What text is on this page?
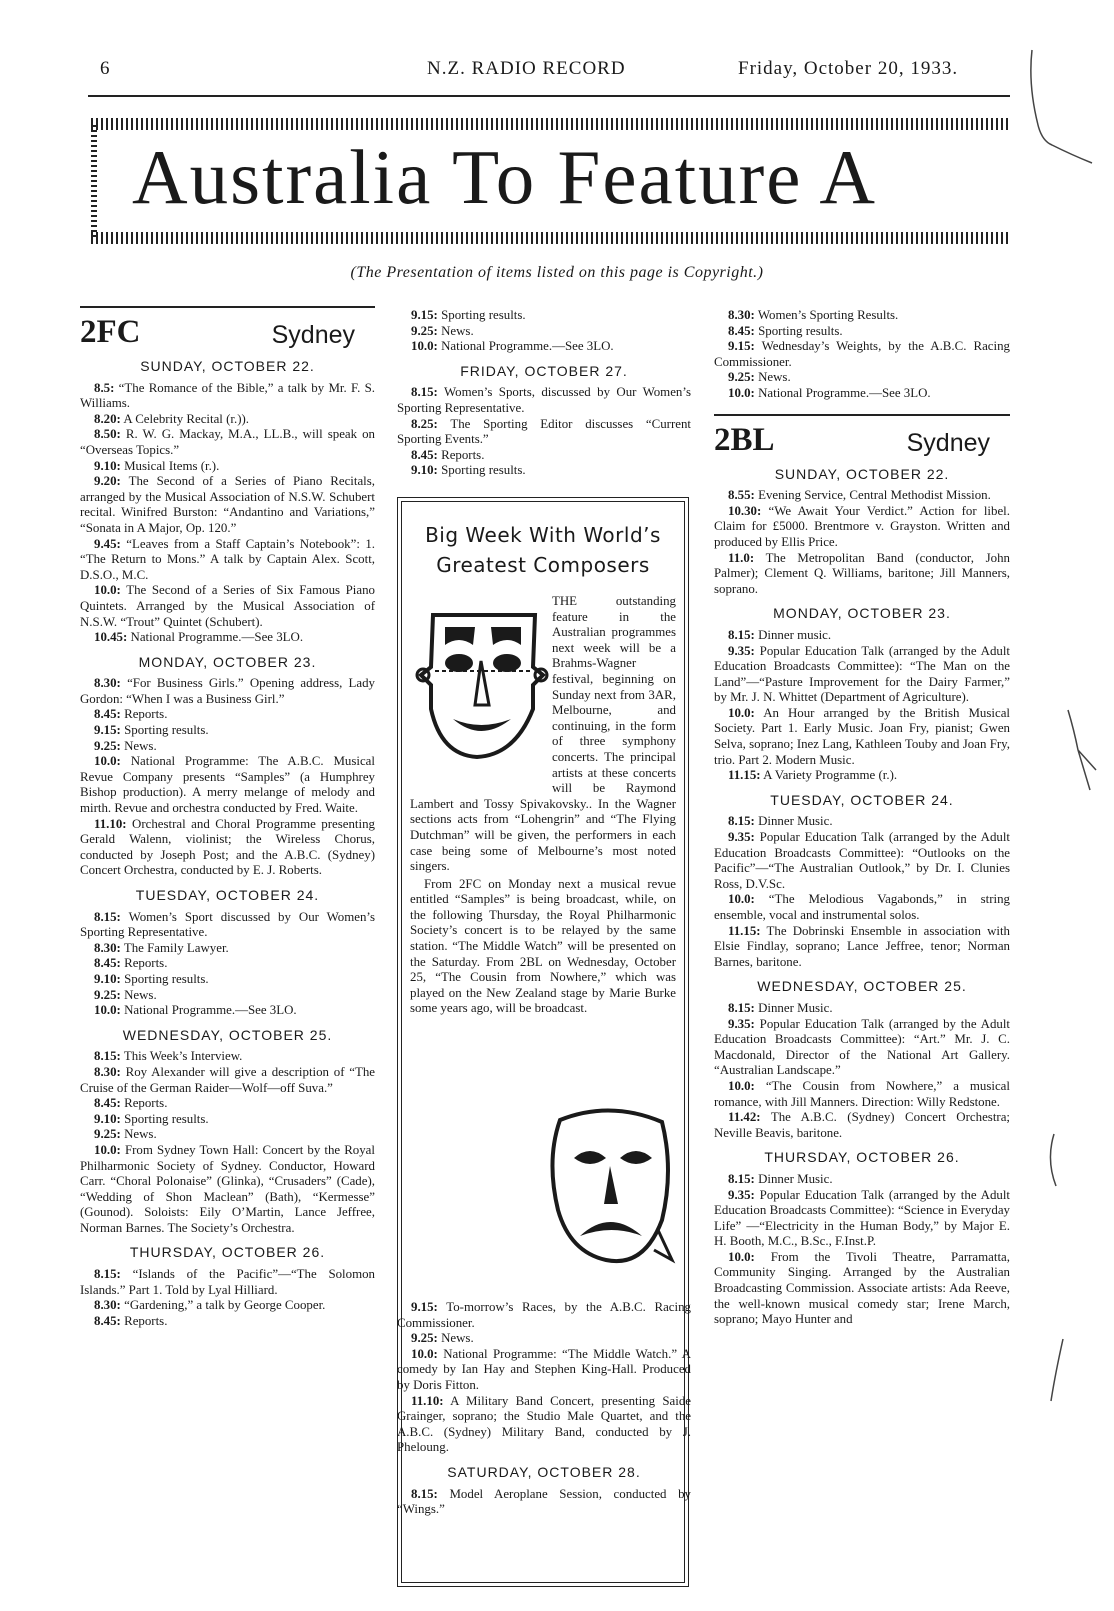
6	N.Z. RADIO RECORD	Friday, October 20, 1933.
Australia To Feature A
(The Presentation of items listed on this page is Copyright.)
2FC	Sydney

SUNDAY, OCTOBER 22.

8.5: “The Romance of the Bible,” a talk by Mr. F. S. Williams.

8.20: A Celebrity Recital (r.)).

8.50: R. W. G. Mackay, M.A., LL.B., will speak on “Overseas Topics.”

9.10: Musical Items (r.).

9.20: The Second of a Series of Piano Recitals, arranged by the Musical Association of N.S.W. Schubert recital. Winifred Burston: “Andantino and Variations,” “Sonata in A Major, Op. 120.”

9.45: “Leaves from a Staff Captain’s Notebook”: 1. “The Return to Mons.” A talk by Captain Alex. Scott, D.S.O., M.C.

10.0: The Second of a Series of Six Famous Piano Quintets. Arranged by the Musical Association of N.S.W. “Trout” Quintet (Schubert).

10.45: National Programme.—See 3LO.

MONDAY, OCTOBER 23.

8.30: “For Business Girls.” Opening address, Lady Gordon: “When I was a Business Girl.”

8.45: Reports.

9.15: Sporting results.

9.25: News.

10.0: National Programme: The A.B.C. Musical Revue Company presents “Samples” (a Humphrey Bishop production). A merry melange of melody and mirth. Revue and orchestra conducted by Fred. Waite.

11.10: Orchestral and Choral Programme presenting Gerald Walenn, violinist; the Wireless Chorus, conducted by Joseph Post; and the A.B.C. (Sydney) Concert Orchestra, conducted by E. J. Roberts.

TUESDAY, OCTOBER 24.

8.15: Women’s Sport discussed by Our Women’s Sporting Representative.

8.30: The Family Lawyer.

8.45: Reports.

9.10: Sporting results.

9.25: News.

10.0: National Programme.—See 3LO.

WEDNESDAY, OCTOBER 25.

8.15: This Week’s Interview.

8.30: Roy Alexander will give a description of “The Cruise of the German Raider—Wolf—off Suva.”

8.45: Reports.

9.10: Sporting results.

9.25: News.

10.0: From Sydney Town Hall: Concert by the Royal Philharmonic Society of Sydney. Conductor, Howard Carr. “Choral Polonaise” (Glinka), “Crusaders” (Cade), “Wedding of Shon Maclean” (Bath), “Kermesse” (Gounod). Soloists: Eily O’Martin, Lance Jeffree, Norman Barnes. The Society’s Orchestra.

THURSDAY, OCTOBER 26.

8.15: “Islands of the Pacific”—“The Solomon Islands.” Part 1. Told by Lyal Hilliard.

8.30: “Gardening,” a talk by George Cooper.

8.45: Reports.

9.15: Sporting results.

9.25: News.

10.0: National Programme.—See 3LO.

FRIDAY, OCTOBER 27.

8.15: Women’s Sports, discussed by Our Women’s Sporting Representative.

8.25: The Sporting Editor discusses “Current Sporting Events.”

8.45: Reports.

9.10: Sporting results.

Big Week With World’s
Greatest Composers

THE outstanding feature in the Australian programmes next week will be a Brahms-Wagner festival, beginning on Sunday next from 3AR, Melbourne, and continuing, in the form of three symphony concerts. The principal artists at these concerts will be Raymond Lambert and Tossy Spivakovsky.. In the Wagner sections acts from “Lohengrin” and “The Flying Dutchman” will be given, the performers in each case being some of Melbourne’s most noted singers.

From 2FC on Monday next a musical revue entitled “Samples” is being broadcast, while, on the following Thursday, the Royal Philharmonic Society’s concert is to be relayed by the same station. “The Middle Watch” will be presented on the Saturday. From 2BL on Wednesday, October 25, “The Cousin from Nowhere,” which was played on the New Zealand stage by Marie Burke some years ago, will be broadcast.

9.15: To-morrow’s Races, by the A.B.C. Racing Commissioner.

9.25: News.

10.0: National Programme: “The Middle Watch.” A comedy by Ian Hay and Stephen King-Hall. Produced by Doris Fitton.

11.10: A Military Band Concert, presenting Saide Grainger, soprano; the Studio Male Quartet, and the A.B.C. (Sydney) Military Band, conducted by J. Pheloung.

SATURDAY, OCTOBER 28.

8.15: Model Aeroplane Session, conducted by “Wings.”

8.30: Women’s Sporting Results.

8.45: Sporting results.

9.15: Wednesday’s Weights, by the A.B.C. Racing Commissioner.

9.25: News.

10.0: National Programme.—See 3LO.

2BL	Sydney

SUNDAY, OCTOBER 22.

8.55: Evening Service, Central Methodist Mission.

10.30: “We Await Your Verdict.” Action for libel. Claim for £5000. Brentmore v. Grayston. Written and produced by Ellis Price.

11.0: The Metropolitan Band (conductor, John Palmer); Clement Q. Williams, baritone; Jill Manners, soprano.

MONDAY, OCTOBER 23.

8.15: Dinner music.

9.35: Popular Education Talk (arranged by the Adult Education Broadcasts Committee): “The Man on the Land”—“Pasture Improvement for the Dairy Farmer,” by Mr. J. N. Whittet (Department of Agriculture).

10.0: An Hour arranged by the British Musical Society. Part 1. Early Music. Joan Fry, pianist; Gwen Selva, soprano; Inez Lang, Kathleen Touby and Joan Fry, trio. Part 2. Modern Music.

11.15: A Variety Programme (r.).

TUESDAY, OCTOBER 24.

8.15: Dinner Music.

9.35: Popular Education Talk (arranged by the Adult Education Broadcasts Committee): “Outlooks on the Pacific”—“The Australian Outlook,” by Dr. I. Clunies Ross, D.V.Sc.

10.0: “The Melodious Vagabonds,” in string ensemble, vocal and instrumental solos.

11.15: The Dobrinski Ensemble in association with Elsie Findlay, soprano; Lance Jeffree, tenor; Norman Barnes, baritone.

WEDNESDAY, OCTOBER 25.

8.15: Dinner Music.

9.35: Popular Education Talk (arranged by the Adult Education Broadcasts Committee): “Art.” Mr. J. C. Macdonald, Director of the National Art Gallery. “Australian Landscape.”

10.0: “The Cousin from Nowhere,” a musical romance, with Jill Manners. Direction: Willy Redstone.

11.42: The A.B.C. (Sydney) Concert Orchestra; Neville Beavis, baritone.

THURSDAY, OCTOBER 26.

8.15: Dinner Music.

9.35: Popular Education Talk (arranged by the Adult Education Broadcasts Committee): “Science in Everyday Life” —“Electricity in the Human Body,” by Major E. H. Booth, M.C., B.Sc., F.Inst.P.

10.0: From the Tivoli Theatre, Parramatta, Community Singing. Arranged by the Australian Broadcasting Commission. Associate artists: Ada Reeve, the well-known musical comedy star; Irene March, soprano; Mayo Hunter and
